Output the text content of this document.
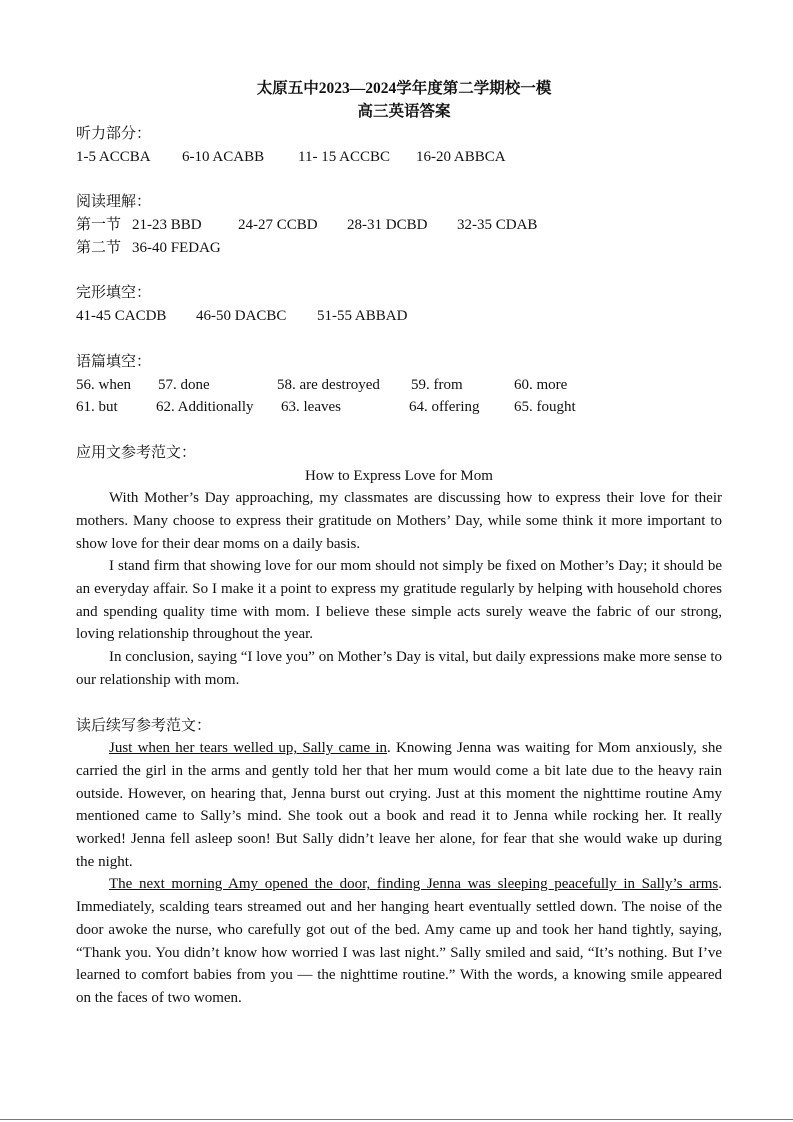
太原五中2023—2024学年度第二学期校一模
高三英语答案
听力部分：
1-5 ACCBA	6-10 ACABB	11- 15 ACCBC	16-20 ABBCA
阅读理解：
第一节 21-23 BBD	24-27 CCBD	28-31 DCBD	32-35 CDAB
第二节 36-40 FEDAG
完形填空：
41-45 CACDB	46-50 DACBC	51-55 ABBAD
语篇填空：
56. when	57. done	58. are destroyed	59. from	60. more
61. but	62. Additionally	63. leaves	64. offering	65. fought
应用文参考范文：
How to Express Love for Mom

With Mother’s Day approaching, my classmates are discussing how to express their love for their mothers. Many choose to express their gratitude on Mothers’ Day, while some think it more important to show love for their dear moms on a daily basis.

I stand firm that showing love for our mom should not simply be fixed on Mother’s Day; it should be an everyday affair. So I make it a point to express my gratitude regularly by helping with household chores and spending quality time with mom. I believe these simple acts surely weave the fabric of our strong, loving relationship throughout the year.

In conclusion, saying “I love you” on Mother’s Day is vital, but daily expressions make more sense to our relationship with mom.

读后续写参考范文：

Just when her tears welled up, Sally came in. Knowing Jenna was waiting for Mom anxiously, she carried the girl in the arms and gently told her that her mum would come a bit late due to the heavy rain outside. However, on hearing that, Jenna burst out crying. Just at this moment the nighttime routine Amy mentioned came to Sally’s mind. She took out a book and read it to Jenna while rocking her. It really worked! Jenna fell asleep soon! But Sally didn’t leave her alone, for fear that she would wake up during the night.

The next morning Amy opened the door, finding Jenna was sleeping peacefully in Sally’s arms. Immediately, scalding tears streamed out and her hanging heart eventually settled down. The noise of the door awoke the nurse, who carefully got out of the bed. Amy came up and took her hand tightly, saying, “Thank you. You didn’t know how worried I was last night.” Sally smiled and said, “It’s nothing. But I’ve learned to comfort babies from you — the nighttime routine.” With the words, a knowing smile appeared on the faces of two women.
